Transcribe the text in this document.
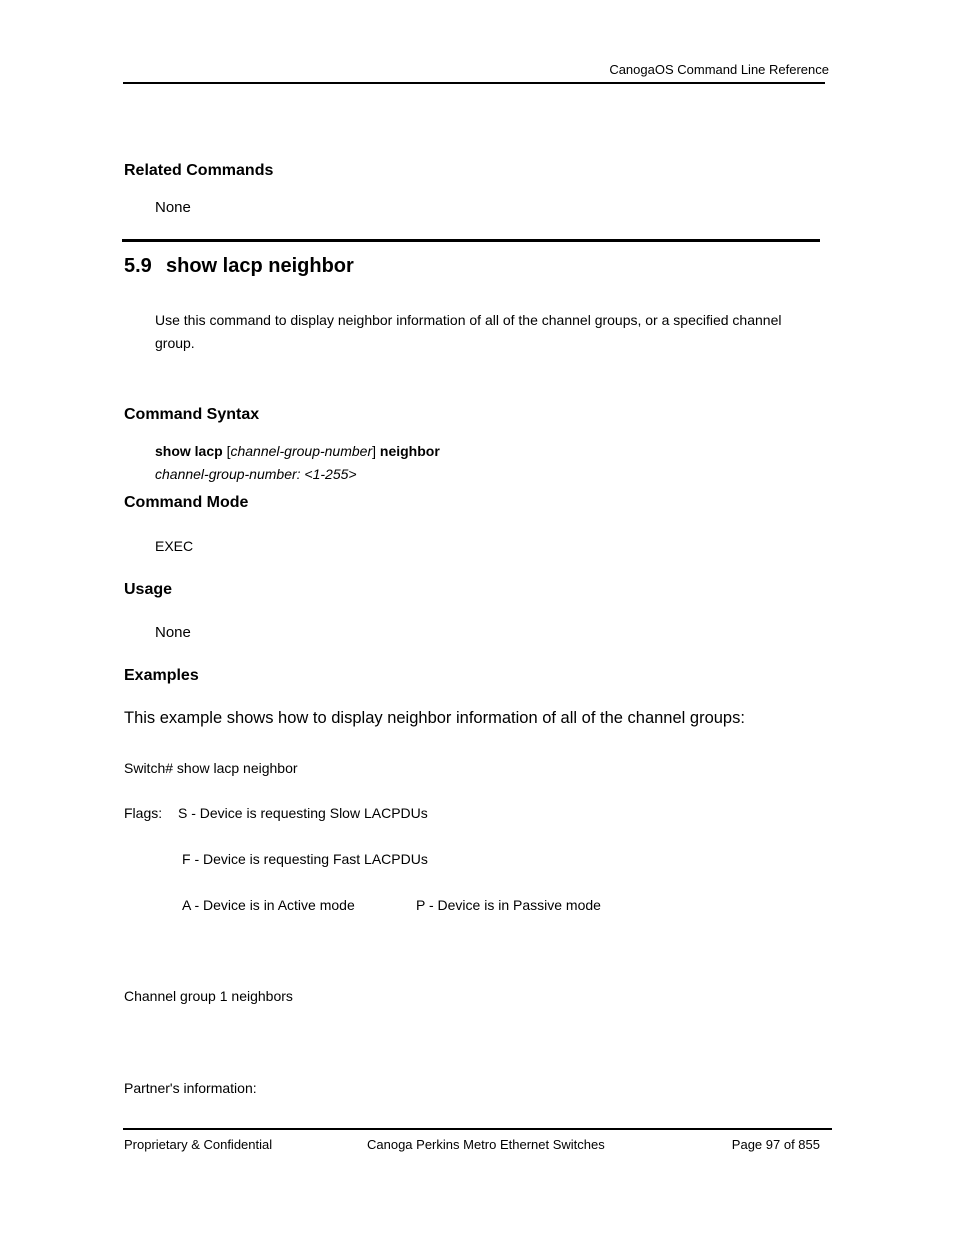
CanogaOS Command Line Reference
Related Commands
None
5.9 show lacp neighbor
Use this command to display neighbor information of all of the channel groups, or a specified channel group.
Command Syntax
show lacp [channel-group-number] neighbor
channel-group-number: <1-255>
Command Mode
EXEC
Usage
None
Examples
This example shows how to display neighbor information of all of the channel groups:
Switch# show lacp neighbor
Flags: S - Device is requesting Slow LACPDUs
F - Device is requesting Fast LACPDUs
A - Device is in Active mode	P - Device is in Passive mode
Channel group 1 neighbors
Partner's information:
Proprietary & Confidential	Canoga Perkins Metro Ethernet Switches	Page 97 of 855
